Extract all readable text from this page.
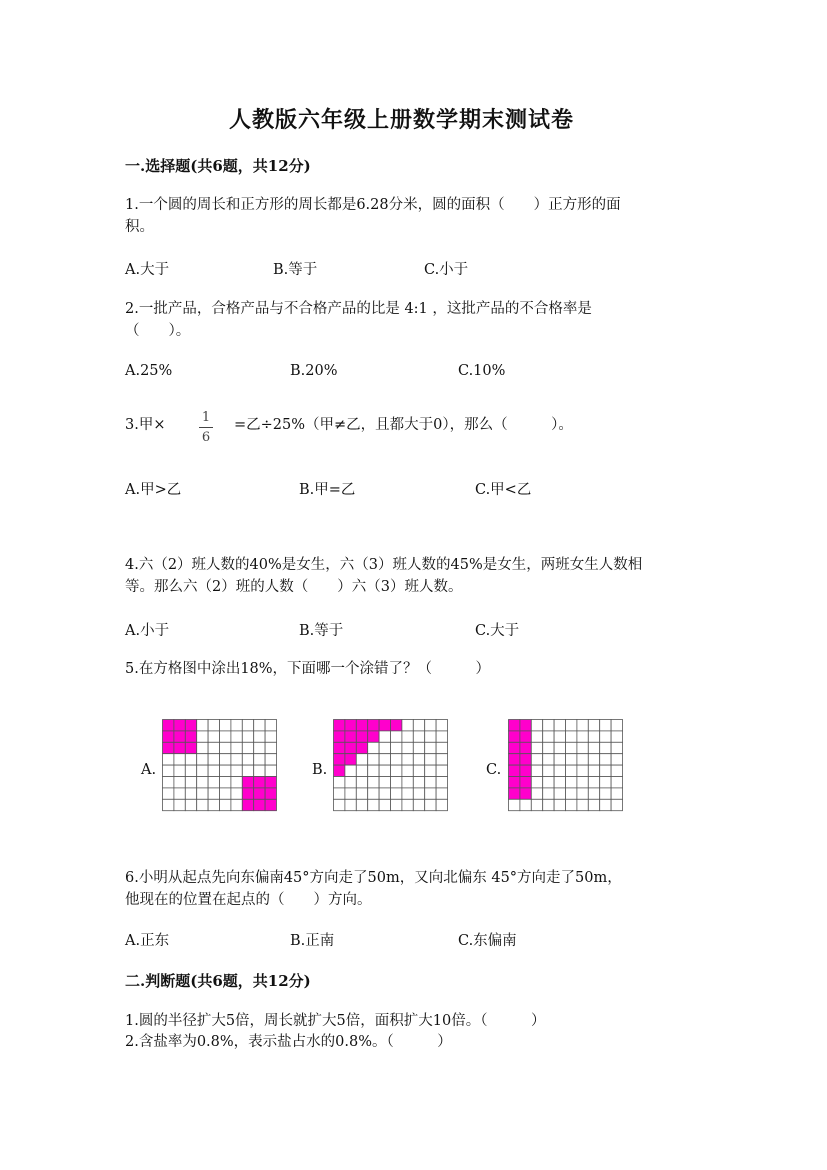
人教版六年级上册数学期末测试卷
一.选择题(共6题，共12分)
1.一个圆的周长和正方形的周长都是6.28分米，圆的面积（　　）正方形的面
积。
A.大于	B.等于	C.小于
2.一批产品，合格产品与不合格产品的比是 4:1 ，这批产品的不合格率是
（　　）。
A.25%	B.20%	C.10%
3.甲×	1
6
=乙÷25%（甲≠乙，且都大于0），那么（　　　）。
A.甲>乙	B.甲=乙	C.甲<乙
4.六（2）班人数的40%是女生，六（3）班人数的45%是女生，两班女生人数相
等。那么六（2）班的人数（　　）六（3）班人数。
A.小于	B.等于	C.大于
5.在方格图中涂出18%，下面哪一个涂错了？（　　　）
A.	B.	C.
6.小明从起点先向东偏南45°方向走了50m，又向北偏东 45°方向走了50m，
他现在的位置在起点的（　　）方向。
A.正东	B.正南	C.东偏南
二.判断题(共6题，共12分)
1.圆的半径扩大5倍，周长就扩大5倍，面积扩大10倍。（　　　）
2.含盐率为0.8%，表示盐占水的0.8%。（　　　）
